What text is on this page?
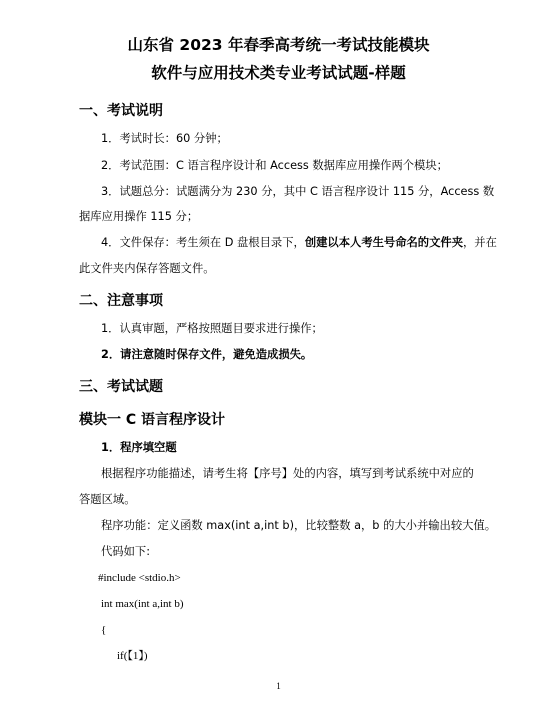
山东省 2023 年春季高考统一考试技能模块
软件与应用技术类专业考试试题-样题
一、考试说明
1．考试时长：60 分钟；
2．考试范围：C 语言程序设计和 Access 数据库应用操作两个模块；
3．试题总分：试题满分为 230 分，其中 C 语言程序设计 115 分，Access 数
据库应用操作 115 分；
4．文件保存：考生须在 D 盘根目录下，创建以本人考生号命名的文件夹，并在
此文件夹内保存答题文件。
二、注意事项
1．认真审题，严格按照题目要求进行操作；
2．请注意随时保存文件，避免造成损失。
三、考试试题
模块一 C 语言程序设计
1．程序填空题
根据程序功能描述，请考生将【序号】处的内容，填写到考试系统中对应的
答题区域。
程序功能：定义函数 max(int a,int b)，比较整数 a，b 的大小并输出较大值。
代码如下:
#include <stdio.h>
int max(int a,int b)
{
if(【1】)
1
